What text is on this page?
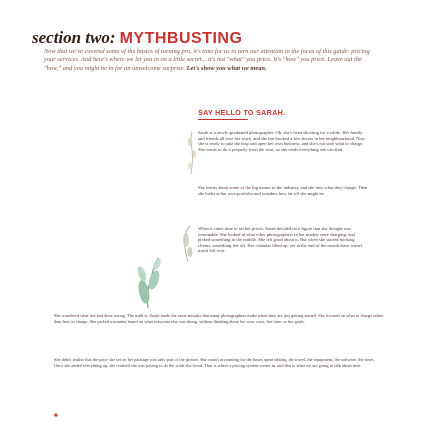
section two: MYTHBUSTING

Now that we've covered some of the basics of turning pro, it's time for us to turn our attention to the focus of this guide: pricing your services. And here's where we let you in on a little secret... it's not "what" you price. It's "how" you price. Leave out the "how," and you might be in for an unwelcome surprise. Let's show you what we mean.

SAY HELLO TO SARAH.

Sarah is a newly-graduated photographer. Oh, she's been shooting for a while. Her family and friends all love her work, and she has booked a few shoots in her neighbourhood. Now she is ready to take the leap and open her own business, and she's not sure what to charge. She wants to do it properly from the start, so she reads everything she can find.

She learns about some of the big names in the industry, and she sees what they charge. Then she looks at her own portfolio and wonders how far off she might be.

When it came time to set her prices, Sarah decided on a figure that she thought was reasonable. She looked at what other photographers in her market were charging, and picked something in the middle. She felt good about it. But when she started booking clients, something felt off. Her calendar filled up, yet at the end of the month there wasn't much left over.

She wondered what she had done wrong. The truth is, Sarah made the same mistake that many photographers make when they are just getting started. She focused on what to charge rather than how to charge. She picked a number based on what everyone else was doing, without thinking about her own costs, her time, or her goals.

She didn't realise that the price she set on her package was only part of the picture. She wasn't accounting for the hours spent editing, the travel, the equipment, the software, the taxes. Once she added everything up, she realised she was paying to do the work she loved. That is where a pricing system comes in, and that is what we are going to talk about next.

■
